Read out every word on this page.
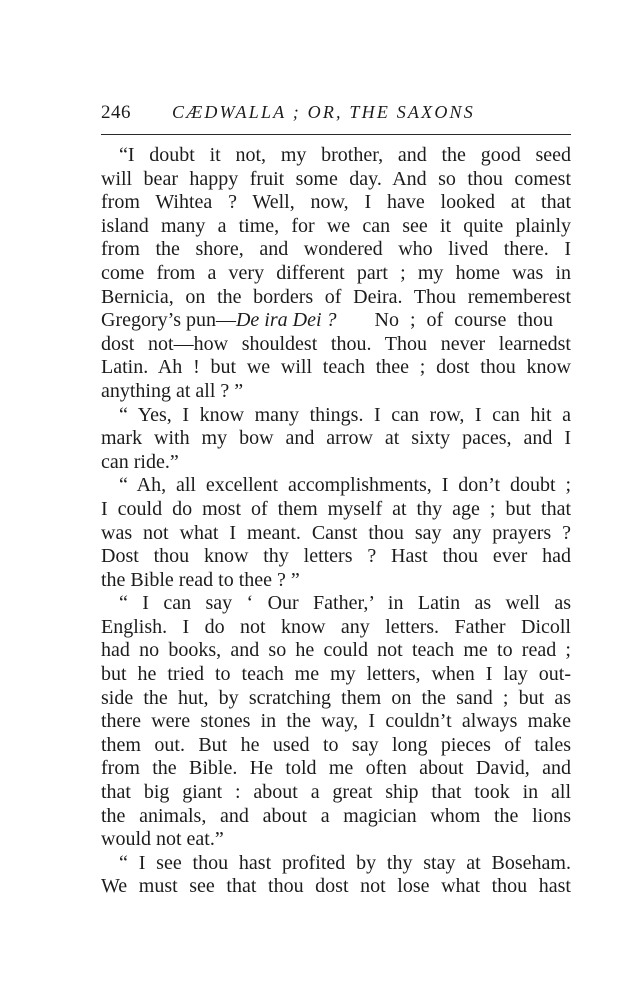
246 CÆDWALLA ; OR, THE SAXONS
“I doubt it not, my brother, and the good seed
will bear happy fruit some day. And so thou comest
from Wihtea ? Well, now, I have looked at that
island many a time, for we can see it quite plainly
from the shore, and wondered who lived there. I
come from a very different part ; my home was in
Bernicia, on the borders of Deira. Thou rememberest
Gregory’s pun—De ira Dei ?  No ; of course thou
dost not—how shouldest thou. Thou never learnedst
Latin. Ah ! but we will teach thee ; dost thou know
anything at all ? ”
“ Yes, I know many things. I can row, I can hit a
mark with my bow and arrow at sixty paces, and I
can ride.”
“ Ah, all excellent accomplishments, I don’t doubt ;
I could do most of them myself at thy age ; but that
was not what I meant. Canst thou say any prayers ?
Dost thou know thy letters ? Hast thou ever had
the Bible read to thee ? ”
“ I can say ‘ Our Father,’ in Latin as well as
English. I do not know any letters. Father Dicoll
had no books, and so he could not teach me to read ;
but he tried to teach me my letters, when I lay out-
side the hut, by scratching them on the sand ; but as
there were stones in the way, I couldn’t always make
them out. But he used to say long pieces of tales
from the Bible. He told me often about David, and
that big giant : about a great ship that took in all
the animals, and about a magician whom the lions
would not eat.”
“ I see thou hast profited by thy stay at Boseham.
We must see that thou dost not lose what thou hast
